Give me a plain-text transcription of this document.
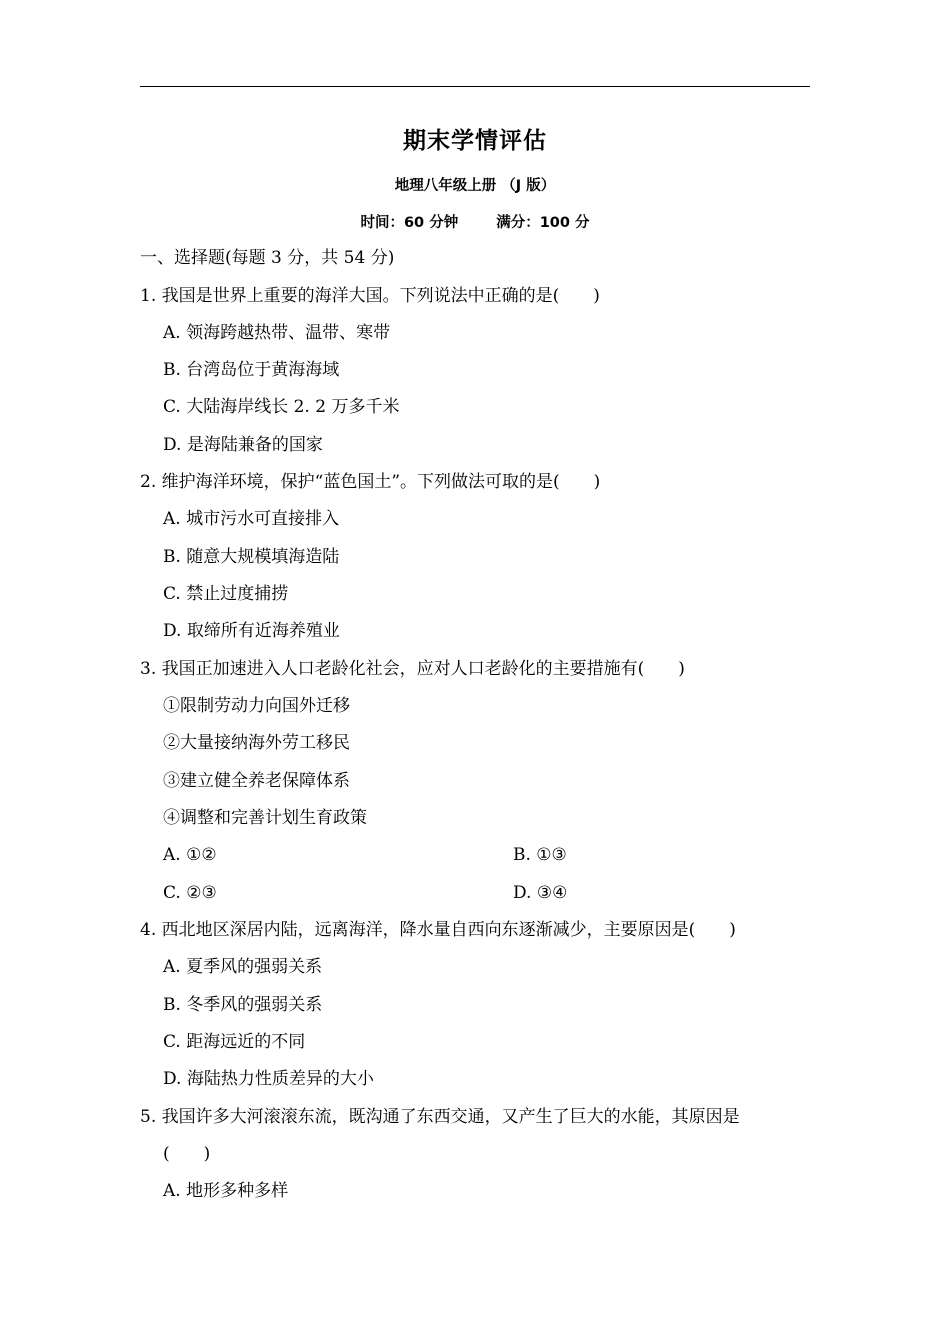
期末学情评估
地理八年级上册 （J 版）
时间：60 分钟	满分：100 分
一、选择题(每题 3 分，共 54 分)
1. 我国是世界上重要的海洋大国。下列说法中正确的是(　　)
A. 领海跨越热带、温带、寒带
B. 台湾岛位于黄海海域
C. 大陆海岸线长 2. 2 万多千米
D. 是海陆兼备的国家
2. 维护海洋环境，保护“蓝色国土”。下列做法可取的是(　　)
A. 城市污水可直接排入
B. 随意大规模填海造陆
C. 禁止过度捕捞
D. 取缔所有近海养殖业
3. 我国正加速进入人口老龄化社会，应对人口老龄化的主要措施有(　　)
①限制劳动力向国外迁移
②大量接纳海外劳工移民
③建立健全养老保障体系
④调整和完善计划生育政策
A. ①②	B. ①③
C. ②③	D. ③④
4. 西北地区深居内陆，远离海洋，降水量自西向东逐渐减少，主要原因是(　　)
A. 夏季风的强弱关系
B. 冬季风的强弱关系
C. 距海远近的不同
D. 海陆热力性质差异的大小
5. 我国许多大河滚滚东流，既沟通了东西交通，又产生了巨大的水能，其原因是
(　　)
A. 地形多种多样
